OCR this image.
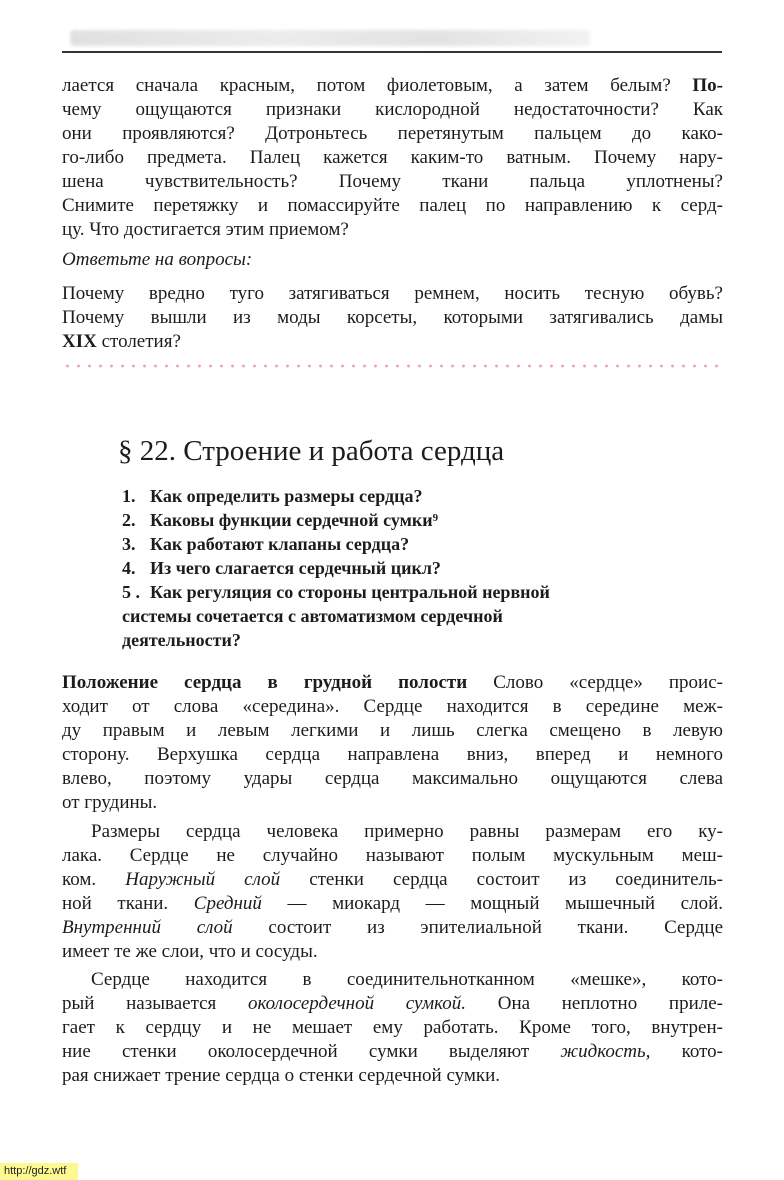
лается сначала красным, потом фиолетовым, а затем белым? По-
чему ощущаются признаки кислородной недостаточности? Как
они проявляются? Дотроньтесь перетянутым пальцем до како-
го-либо предмета. Палец кажется каким-то ватным. Почему нару-
шена чувствительность? Почему ткани пальца уплотнены?
Снимите перетяжку и помассируйте палец по направлению к серд-
цу. Что достигается этим приемом?
Ответьте на вопросы:
Почему вредно туго затягиваться ремнем, носить тесную обувь?
Почему вышли из моды корсеты, которыми затягивались дамы
XIX столетия?
§ 22. Строение и работа сердца
1. Как определить размеры сердца?
2. Каковы функции сердечной сумки⁹
3. Как работают клапаны сердца?
4. Из чего слагается сердечный цикл?
5 . Как регуляция со стороны центральной нервной
системы сочетается с автоматизмом сердечной
деятельности?
Положение сердца в грудной полости Слово «сердце» проис-
ходит от слова «середина». Сердце находится в середине меж-
ду правым и левым легкими и лишь слегка смещено в левую
сторону. Верхушка сердца направлена вниз, вперед и немного
влево, поэтому удары сердца максимально ощущаются слева
от грудины.
Размеры сердца человека примерно равны размерам его ку-
лака. Сердце не случайно называют полым мускульным меш-
ком. Наружный слой стенки сердца состоит из соединитель-
ной ткани. Средний — миокард — мощный мышечный слой.
Внутренний слой состоит из эпителиальной ткани. Сердце
имеет те же слои, что и сосуды.
Сердце находится в соединительнотканном «мешке», кото-
рый называется околосердечной сумкой. Она неплотно приле-
гает к сердцу и не мешает ему работать. Кроме того, внутрен-
ние стенки околосердечной сумки выделяют жидкость, кото-
рая снижает трение сердца о стенки сердечной сумки.
http://gdz.wtf
